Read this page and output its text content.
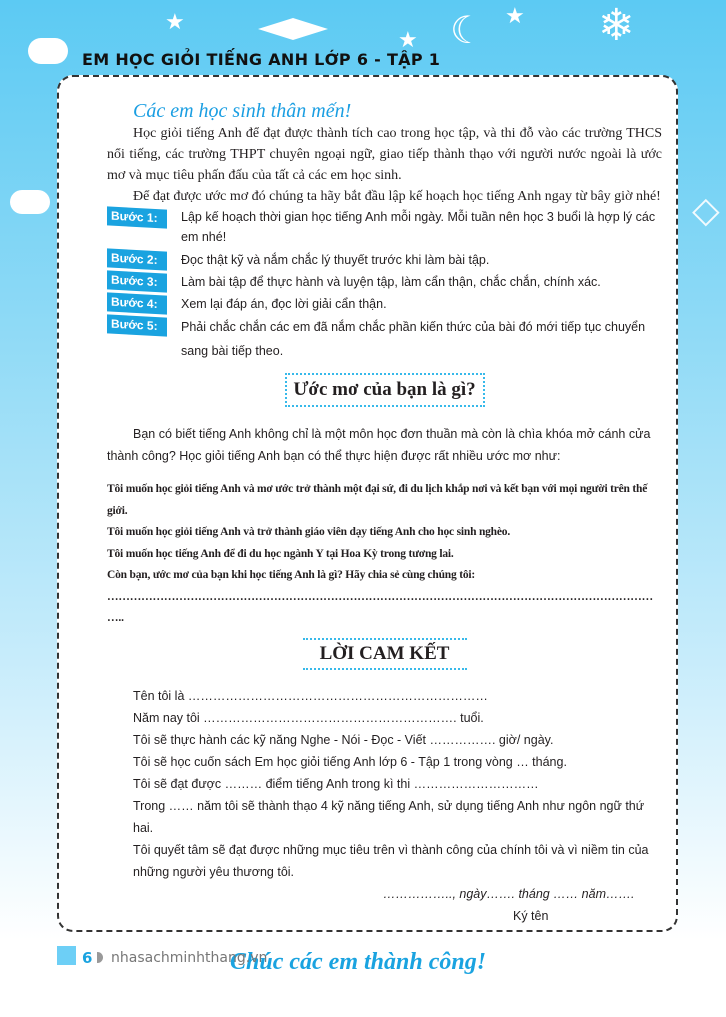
★
★
★
☾	❄
◇
EM HỌC GIỎI TIẾNG ANH LỚP 6 - TẬP 1
Các em học sinh thân mến!
Học giỏi tiếng Anh để đạt được thành tích cao trong học tập, và thi đỗ vào các trường THCS nổi tiếng, các trường THPT chuyên ngoại ngữ, giao tiếp thành thạo với người nước ngoài là ước mơ và mục tiêu phấn đấu của tất cả các em học sinh.
Để đạt được ước mơ đó chúng ta hãy bắt đầu lập kế hoạch học tiếng Anh ngay từ bây giờ nhé!
Bước 1:	Lập kế hoạch thời gian học tiếng Anh mỗi ngày. Mỗi tuần nên học 3 buổi là hợp lý các em nhé!
Bước 2:	Đọc thật kỹ và nắm chắc lý thuyết trước khi làm bài tập.
Bước 3:	Làm bài tập để thực hành và luyện tập, làm cẩn thận, chắc chắn, chính xác.
Bước 4:	Xem lại đáp án, đọc lời giải cẩn thận.
Bước 5:	Phải chắc chắn các em đã nắm chắc phần kiến thức của bài đó mới tiếp tục chuyển sang bài tiếp theo.
Ước mơ của bạn là gì?
Bạn có biết tiếng Anh không chỉ là một môn học đơn thuần mà còn là chìa khóa mở cánh cửa thành công? Học giỏi tiếng Anh bạn có thể thực hiện được rất nhiều ước mơ như:
Tôi muốn học giỏi tiếng Anh và mơ ước trở thành một đại sứ, đi du lịch khắp nơi và kết bạn với mọi người trên thế giới.
Tôi muốn học giỏi tiếng Anh và trở thành giáo viên dạy tiếng Anh cho học sinh nghèo.
Tôi muốn học tiếng Anh để đi du học ngành Y tại Hoa Kỳ trong tương lai.
Còn bạn, ước mơ của bạn khi học tiếng Anh là gì? Hãy chia sẻ cùng chúng tôi:
… … … … … … … … … … … … … … … … … … … … … … … … … … … … … … … … … … … … … … … … … … … … … … … … … . .
LỜI CAM KẾT
Tên tôi là ………………………………………………………………
Năm nay tôi ……………………………………………………. tuổi.
Tôi sẽ thực hành các kỹ năng Nghe - Nói - Đọc - Viết ……………. giờ/ ngày.
Tôi sẽ học cuốn sách Em học giỏi tiếng Anh lớp 6 - Tập 1 trong vòng … tháng.
Tôi sẽ đạt được ……… điểm tiếng Anh trong kì thi …………………………
Trong …… năm tôi sẽ thành thạo 4 kỹ năng tiếng Anh, sử dụng tiếng Anh như ngôn ngữ thứ hai.
Tôi quyết tâm sẽ đạt được những mục tiêu trên vì thành công của chính tôi và vì niềm tin của
những người yêu thương tôi.
…………….., ngày……. tháng …… năm…….
Ký tên
Chúc các em thành công!
6 nhasachminhthang.vn
